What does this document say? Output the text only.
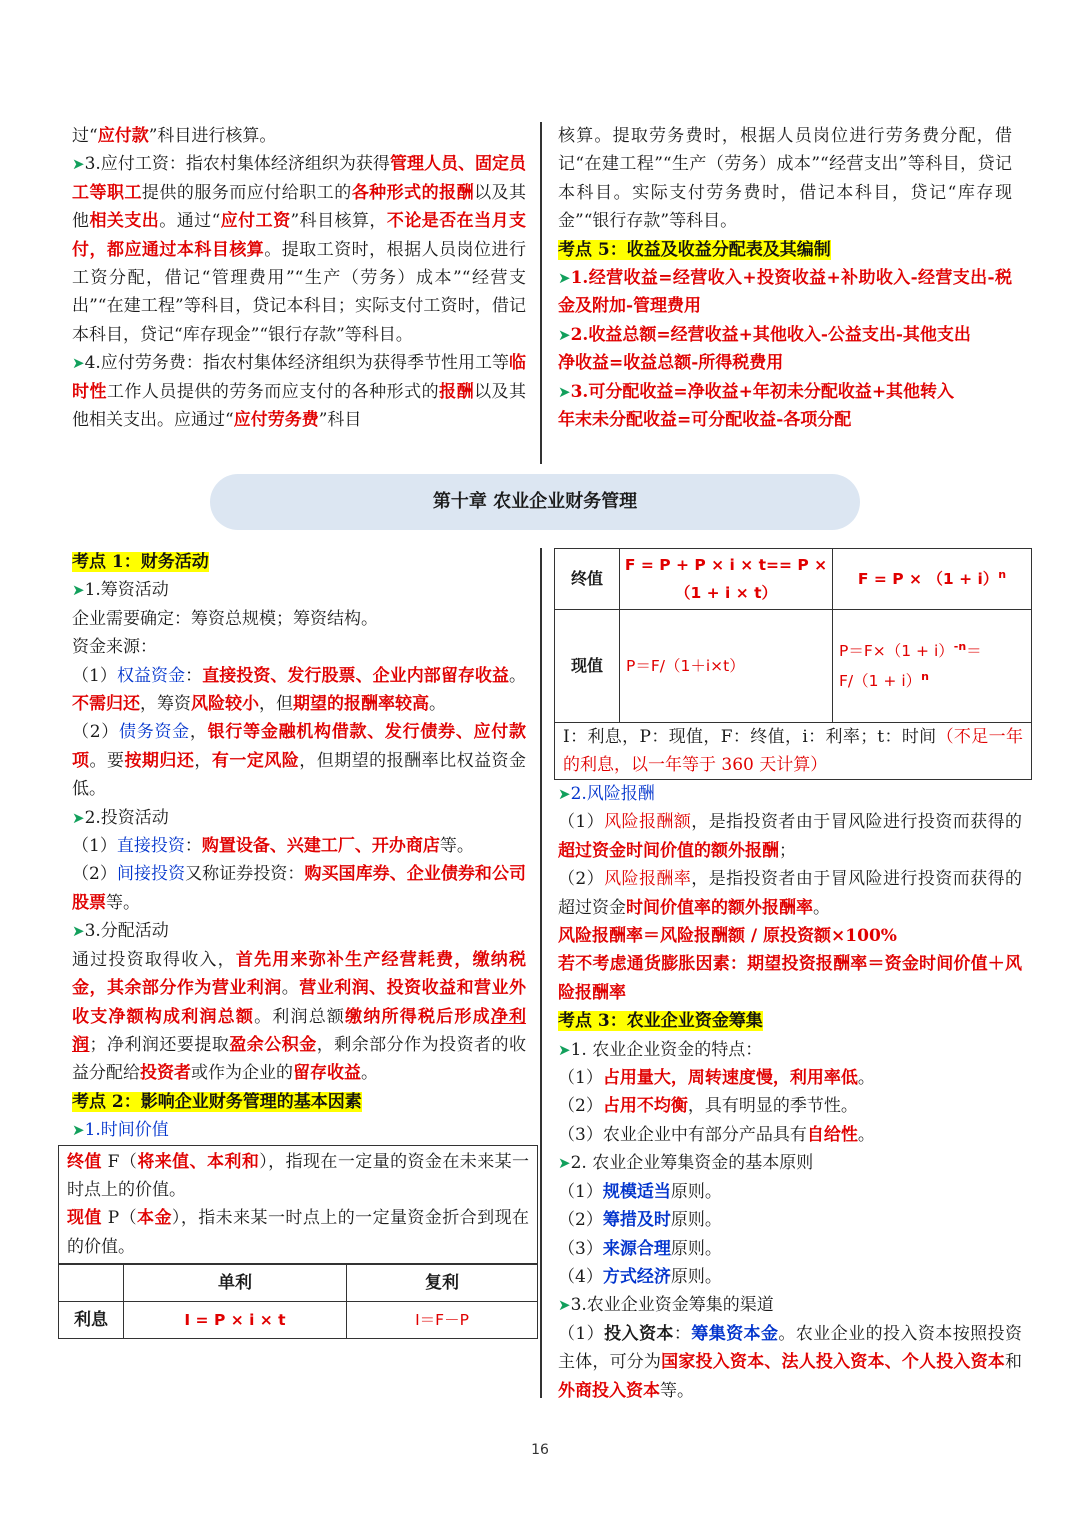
过“应付款”科目进行核算。

➤3.应付工资：指农村集体经济组织为获得管理人员、固定员工等职工提供的服务而应付给职工的各种形式的报酬以及其他相关支出。通过“应付工资”科目核算，不论是否在当月支付，都应通过本科目核算。提取工资时，根据人员岗位进行工资分配，借记“管理费用”“生产（劳务）成本”“经营支出”“在建工程”等科目，贷记本科目；实际支付工资时，借记本科目，贷记“库存现金”“银行存款”等科目。

➤4.应付劳务费：指农村集体经济组织为获得季节性用工等临时性工作人员提供的劳务而应支付的各种形式的报酬以及其他相关支出。应通过“应付劳务费”科目

核算。提取劳务费时，根据人员岗位进行劳务费分配，借记“在建工程”“生产（劳务）成本”“经营支出”等科目，贷记本科目。实际支付劳务费时，借记本科目，贷记“库存现金”“银行存款”等科目。

考点 5：收益及收益分配表及其编制

➤1.经营收益=经营收入+投资收益+补助收入-经营支出-税金及附加-管理费用

➤2.收益总额=经营收益+其他收入-公益支出-其他支出

净收益=收益总额-所得税费用

➤3.可分配收益=净收益+年初未分配收益+其他转入

年末未分配收益=可分配收益-各项分配

第十章 农业企业财务管理

考点 1：财务活动

➤1.筹资活动

企业需要确定：筹资总规模；筹资结构。

资金来源：

（1）权益资金：直接投资、发行股票、企业内部留存收益。不需归还，筹资风险较小，但期望的报酬率较高。

（2）债务资金，银行等金融机构借款、发行债券、应付款项。要按期归还，有一定风险，但期望的报酬率比权益资金低。

➤2.投资活动

（1）直接投资：购置设备、兴建工厂、开办商店等。

（2）间接投资又称证券投资：购买国库券、企业债券和公司股票等。

➤3.分配活动

通过投资取得收入，首先用来弥补生产经营耗费，缴纳税金，其余部分作为营业利润。营业利润、投资收益和营业外收支净额构成利润总额。利润总额缴纳所得税后形成净利润；净利润还要提取盈余公积金，剩余部分作为投资者的收益分配给投资者或作为企业的留存收益。

考点 2：影响企业财务管理的基本因素

➤1.时间价值

终值 F（将来值、本利和），指现在一定量的资金在未来某一时点上的价值。

现值 P（本金），指未来某一时点上的一定量资金折合到现在的价值。

	单利	复利
利息	I = P × i × t	I＝F－P
终值	F = P + P × i × t== P × （1 + i × t）	$F = P \times (1 + i)^n$
现值	P＝F/（1＋i×t）	$P=F\times(1 + i)^{-n}=$
$F/(1 + i)^n$
I：利息，P：现值，F：终值，i：利率；t：时间（不足一年的利息，以一年等于 360 天计算）		

➤2.风险报酬

（1）风险报酬额，是指投资者由于冒风险进行投资而获得的超过资金时间价值的额外报酬；

（2）风险报酬率，是指投资者由于冒风险进行投资而获得的超过资金时间价值率的额外报酬率。

风险报酬率＝风险报酬额 / 原投资额×100%

若不考虑通货膨胀因素：期望投资报酬率＝资金时间价值＋风险报酬率

考点 3：农业企业资金筹集

➤1. 农业企业资金的特点：

（1）占用量大，周转速度慢，利用率低。

（2）占用不均衡，具有明显的季节性。

（3）农业企业中有部分产品具有自给性。

➤2. 农业企业筹集资金的基本原则

（1）规模适当原则。

（2）筹措及时原则。

（3）来源合理原则。

（4）方式经济原则。

➤3.农业企业资金筹集的渠道

（1）投入资本：筹集资本金。农业企业的投入资本按照投资主体，可分为国家投入资本、法人投入资本、个人投入资本和外商投入资本等。

16
